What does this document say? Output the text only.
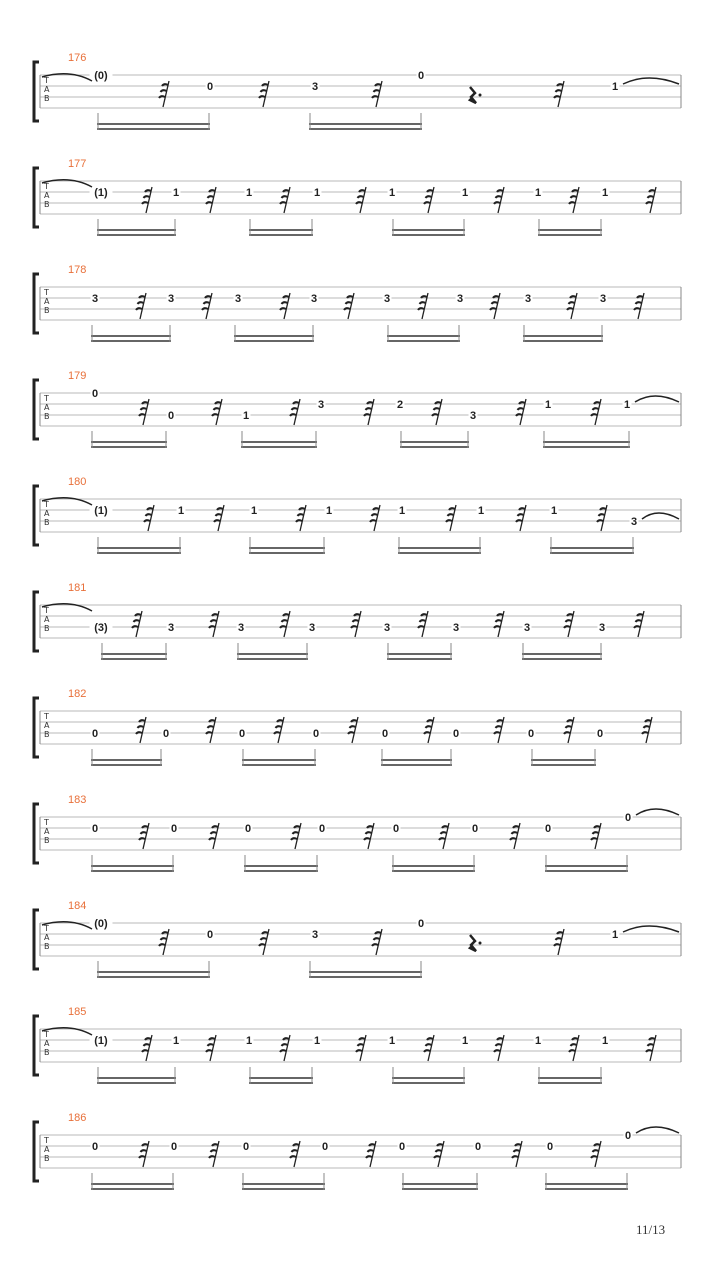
T
A
B
176
(0)
0	3
0
1
T
A
B
177
(1)	1	1	1	1	1	1	1
T
A
B
178
3	3	3	3	3	3	3	3
T
A
B
179
0
0	1
3	2
3
1	1
T
A
B
180
(1)	1	1	1	1	1	1
3
T
A
B
181
(3)	3	3	3	3	3	3	3
T
A
B
182
0	0	0	0	0	0	0	0
T
A
B
183
0	0	0	0	0	0	0
0
T
A
B
184
(0)
0	3
0
1
T
A
B
185
(1)	1	1	1	1	1	1	1
T
A
B
186
0	0	0	0	0	0	0
0
11/13
